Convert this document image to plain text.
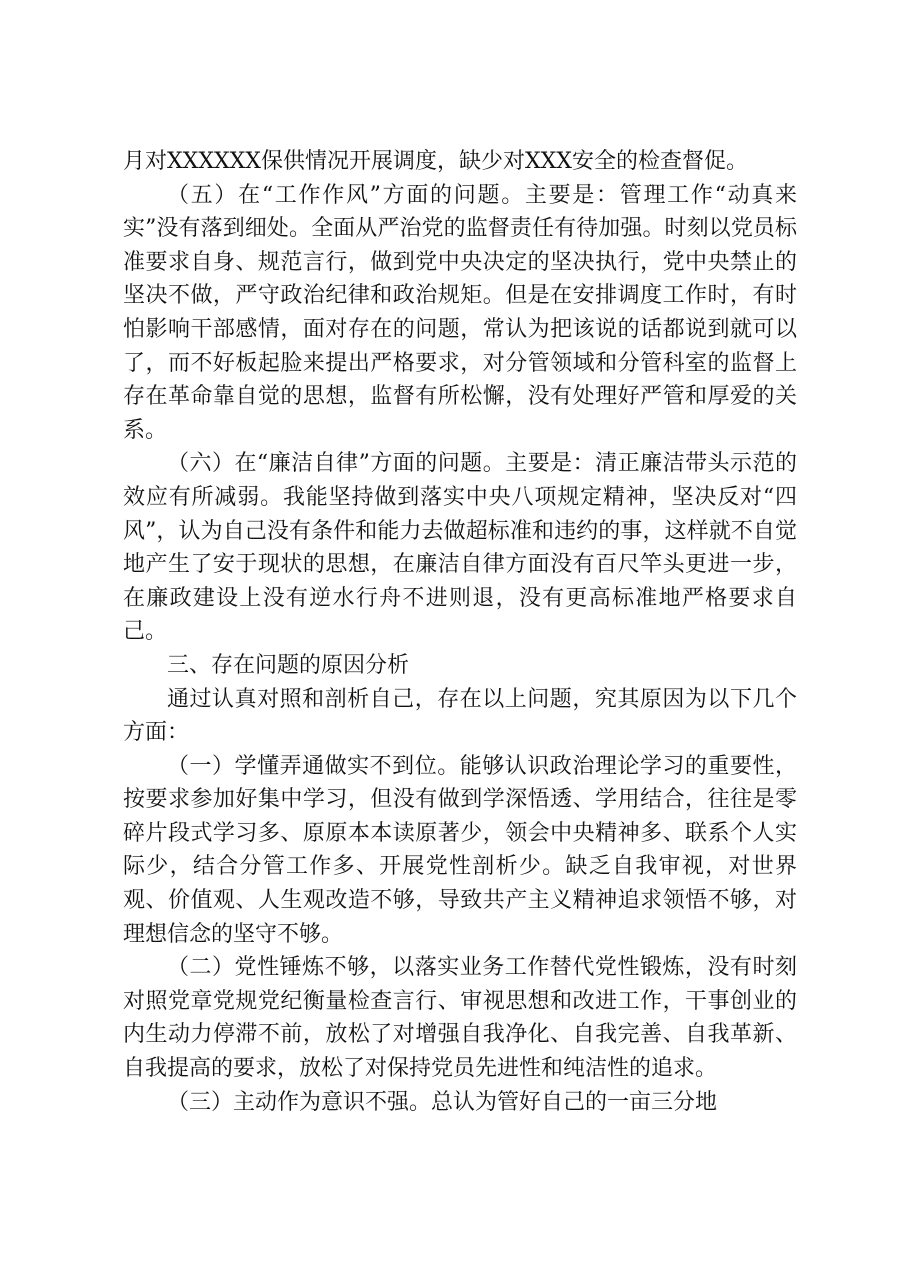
月对XXXXXX保供情况开展调度，缺少对XXX安全的检查督促。

（五）在“工作作风”方面的问题。主要是：管理工作“动真来实”没有落到细处。全面从严治党的监督责任有待加强。时刻以党员标准要求自身、规范言行，做到党中央决定的坚决执行，党中央禁止的坚决不做，严守政治纪律和政治规矩。但是在安排调度工作时，有时怕影响干部感情，面对存在的问题，常认为把该说的话都说到就可以了，而不好板起脸来提出严格要求，对分管领域和分管科室的监督上存在革命靠自觉的思想，监督有所松懈，没有处理好严管和厚爱的关系。

（六）在“廉洁自律”方面的问题。主要是：清正廉洁带头示范的效应有所减弱。我能坚持做到落实中央八项规定精神，坚决反对“四风”，认为自己没有条件和能力去做超标准和违约的事，这样就不自觉地产生了安于现状的思想，在廉洁自律方面没有百尺竿头更进一步，在廉政建设上没有逆水行舟不进则退，没有更高标准地严格要求自己。

三、存在问题的原因分析

通过认真对照和剖析自己，存在以上问题，究其原因为以下几个方面：

（一）学懂弄通做实不到位。能够认识政治理论学习的重要性，按要求参加好集中学习，但没有做到学深悟透、学用结合，往往是零碎片段式学习多、原原本本读原著少，领会中央精神多、联系个人实际少，结合分管工作多、开展党性剖析少。缺乏自我审视，对世界观、价值观、人生观改造不够，导致共产主义精神追求领悟不够，对理想信念的坚守不够。

（二）党性锤炼不够，以落实业务工作替代党性锻炼，没有时刻对照党章党规党纪衡量检查言行、审视思想和改进工作，干事创业的内生动力停滞不前，放松了对增强自我净化、自我完善、自我革新、自我提高的要求，放松了对保持党员先进性和纯洁性的追求。

（三）主动作为意识不强。总认为管好自己的一亩三分地
